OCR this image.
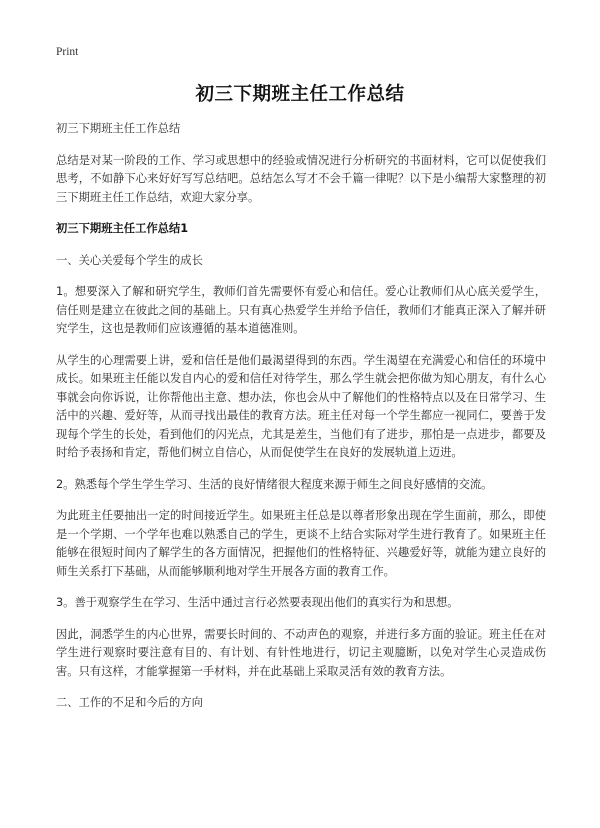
Print
初三下期班主任工作总结

初三下期班主任工作总结

总结是对某一阶段的工作、学习或思想中的经验或情况进行分析研究的书面材料，它可以促使我们思考，不如静下心来好好写写总结吧。总结怎么写才不会千篇一律呢？以下是小编帮大家整理的初三下期班主任工作总结，欢迎大家分享。

初三下期班主任工作总结1

一、关心关爱每个学生的成长

1。想要深入了解和研究学生，教师们首先需要怀有爱心和信任。爱心让教师们从心底关爱学生，信任则是建立在彼此之间的基础上。只有真心热爱学生并给予信任，教师们才能真正深入了解并研究学生，这也是教师们应该遵循的基本道德准则。

从学生的心理需要上讲，爱和信任是他们最渴望得到的东西。学生渴望在充满爱心和信任的环境中成长。如果班主任能以发自内心的爱和信任对待学生，那么学生就会把你做为知心朋友，有什么心事就会向你诉说，让你帮他出主意、想办法，你也会从中了解他们的性格特点以及在日常学习、生活中的兴趣、爱好等，从而寻找出最佳的教育方法。班主任对每一个学生都应一视同仁，要善于发现每个学生的长处，看到他们的闪光点，尤其是差生，当他们有了进步，那怕是一点进步，都要及时给予表扬和肯定，帮他们树立自信心，从而促使学生在良好的发展轨道上迈进。

2。熟悉每个学生学生学习、生活的良好情绪很大程度来源于师生之间良好感情的交流。

为此班主任要抽出一定的时间接近学生。如果班主任总是以尊者形象出现在学生面前，那么，即使是一个学期、一个学年也难以熟悉自己的学生，更谈不上结合实际对学生进行教育了。如果班主任能够在很短时间内了解学生的各方面情况，把握他们的性格特征、兴趣爱好等，就能为建立良好的师生关系打下基础，从而能够顺利地对学生开展各方面的教育工作。

3。善于观察学生在学习、生活中通过言行必然要表现出他们的真实行为和思想。

因此，洞悉学生的内心世界，需要长时间的、不动声色的观察，并进行多方面的验证。班主任在对学生进行观察时要注意有目的、有计划、有针性地进行，切记主观臆断，以免对学生心灵造成伤害。只有这样，才能掌握第一手材料，并在此基础上采取灵活有效的教育方法。

二、工作的不足和今后的方向
